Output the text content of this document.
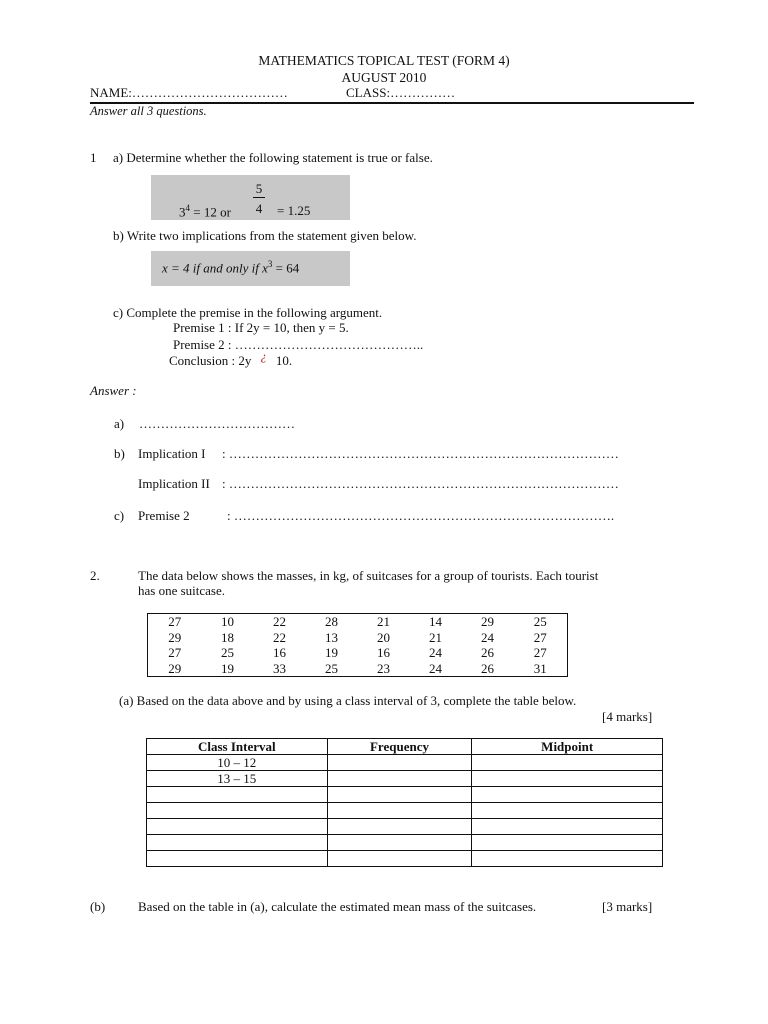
MATHEMATICS TOPICAL TEST (FORM 4)
AUGUST 2010
NAME:………………………………	CLASS:……………
Answer all 3 questions.
1 a) Determine whether the following statement is true or false.
$3^4 = 12$ or
5
4 = 1.25
b) Write two implications from the statement given below.
x = 4 if and only if $x^3 = 64$
c) Complete the premise in the following argument.
Premise 1 : If 2y = 10, then y = 5.
Premise 2 : ……………………………………..
Conclusion : 2y ¿ 10.
Answer :
a) ………………………………
b) Implication I : ………………………………………………………………………………
Implication II : ………………………………………………………………………………
c) Premise 2	: …………………………………………………………………………….
2.	The data below shows the masses, in kg, of suitcases for a group of tourists. Each tourist
has one suitcase.
27	10	22	28	21	14	29	25
29	18	22	13	20	21	24	27
27	25	16	19	16	24	26	27
29	19	33	25	23	24	26	31
(a) Based on the data above and by using a class interval of 3, complete the table below.
[4 marks]
Class Interval	Frequency	Midpoint
10 – 12		
13 – 15		

(b)	Based on the table in (a), calculate the estimated mean mass of the suitcases.	[3 marks]
